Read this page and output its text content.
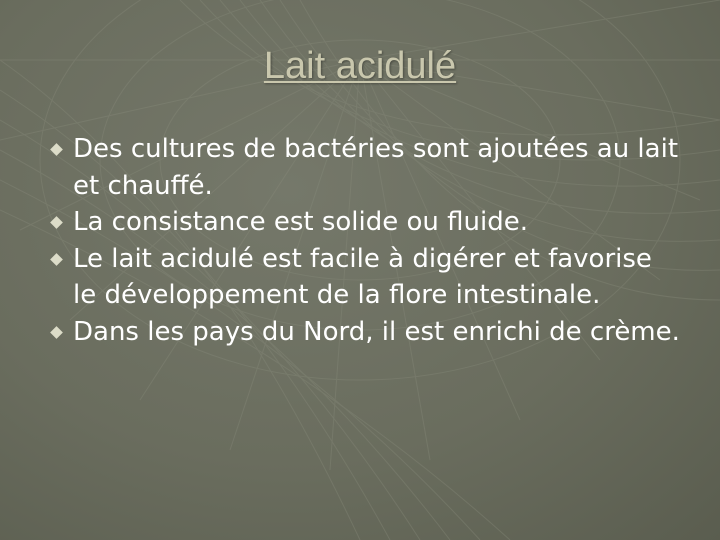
Lait acidulé
Des cultures de bactéries sont ajoutées au lait et chauffé.
La consistance est solide ou fluide.
Le lait acidulé est facile à digérer et favorise le développement de la flore intestinale.
Dans les pays du Nord, il est enrichi de crème.
